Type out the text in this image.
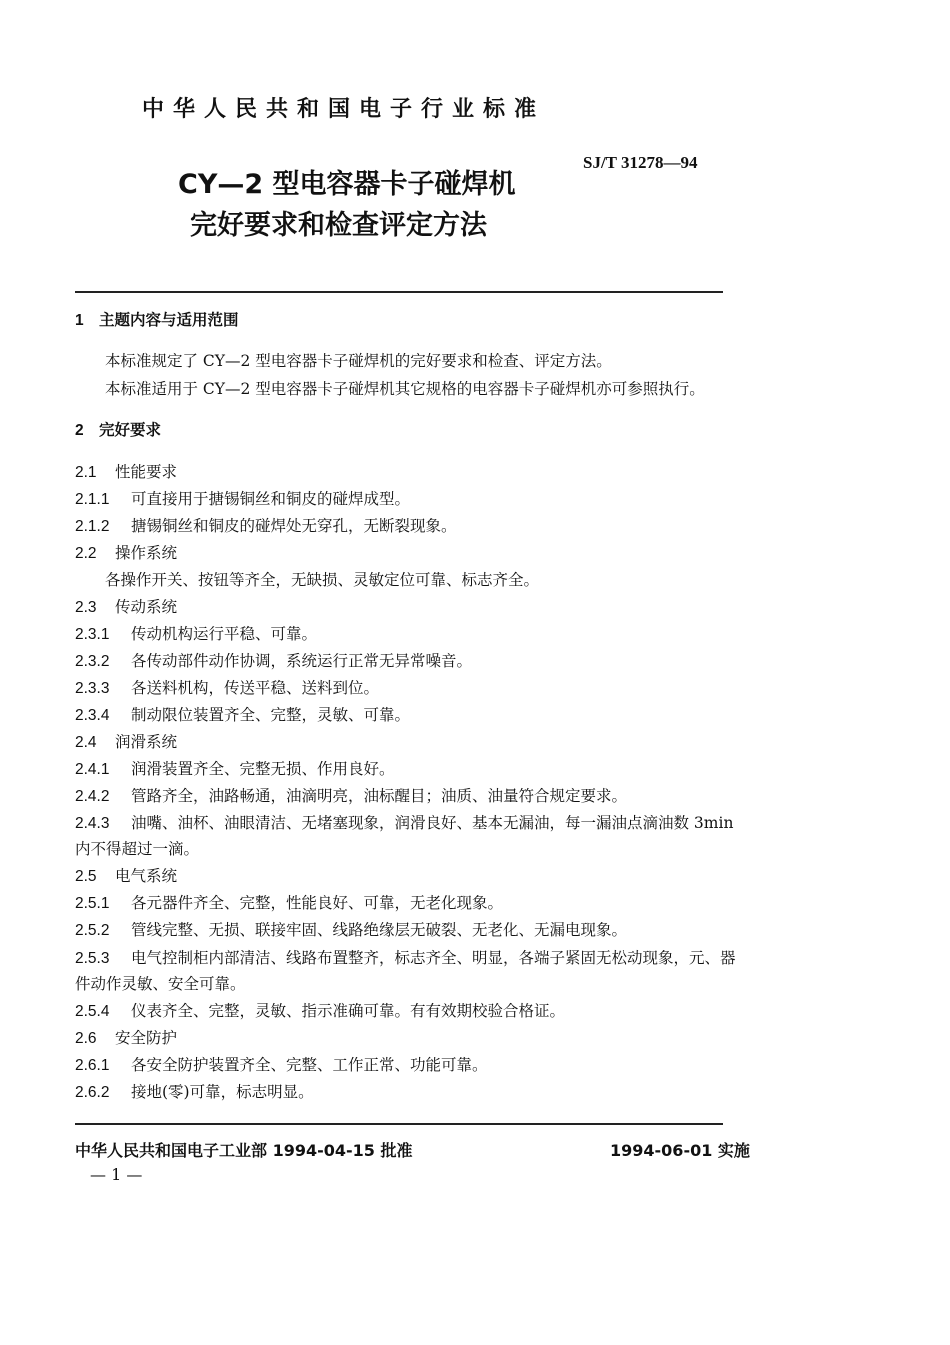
中华人民共和国电子行业标准
SJ/T 31278—94
CY—2 型电容器卡子碰焊机
完好要求和检查评定方法
1 主题内容与适用范围
本标准规定了 CY—2 型电容器卡子碰焊机的完好要求和检查、评定方法。
本标准适用于 CY—2 型电容器卡子碰焊机其它规格的电容器卡子碰焊机亦可参照执行。
2 完好要求
2.1 性能要求
2.1.1 可直接用于搪锡铜丝和铜皮的碰焊成型。
2.1.2 搪锡铜丝和铜皮的碰焊处无穿孔，无断裂现象。
2.2 操作系统
各操作开关、按钮等齐全，无缺损、灵敏定位可靠、标志齐全。
2.3 传动系统
2.3.1 传动机构运行平稳、可靠。
2.3.2 各传动部件动作协调，系统运行正常无异常噪音。
2.3.3 各送料机构，传送平稳、送料到位。
2.3.4 制动限位装置齐全、完整，灵敏、可靠。
2.4 润滑系统
2.4.1 润滑装置齐全、完整无损、作用良好。
2.4.2 管路齐全，油路畅通，油滴明亮，油标醒目；油质、油量符合规定要求。
2.4.3 油嘴、油杯、油眼清洁、无堵塞现象，润滑良好、基本无漏油，每一漏油点滴油数 3min
内不得超过一滴。
2.5 电气系统
2.5.1 各元器件齐全、完整，性能良好、可靠，无老化现象。
2.5.2 管线完整、无损、联接牢固、线路绝缘层无破裂、无老化、无漏电现象。
2.5.3 电气控制柜内部清洁、线路布置整齐，标志齐全、明显，各端子紧固无松动现象，元、器
件动作灵敏、安全可靠。
2.5.4 仪表齐全、完整，灵敏、指示准确可靠。有有效期校验合格证。
2.6 安全防护
2.6.1 各安全防护装置齐全、完整、工作正常、功能可靠。
2.6.2 接地(零)可靠，标志明显。
中华人民共和国电子工业部 1994-04-15 批准	1994-06-01 实施
— 1 —
